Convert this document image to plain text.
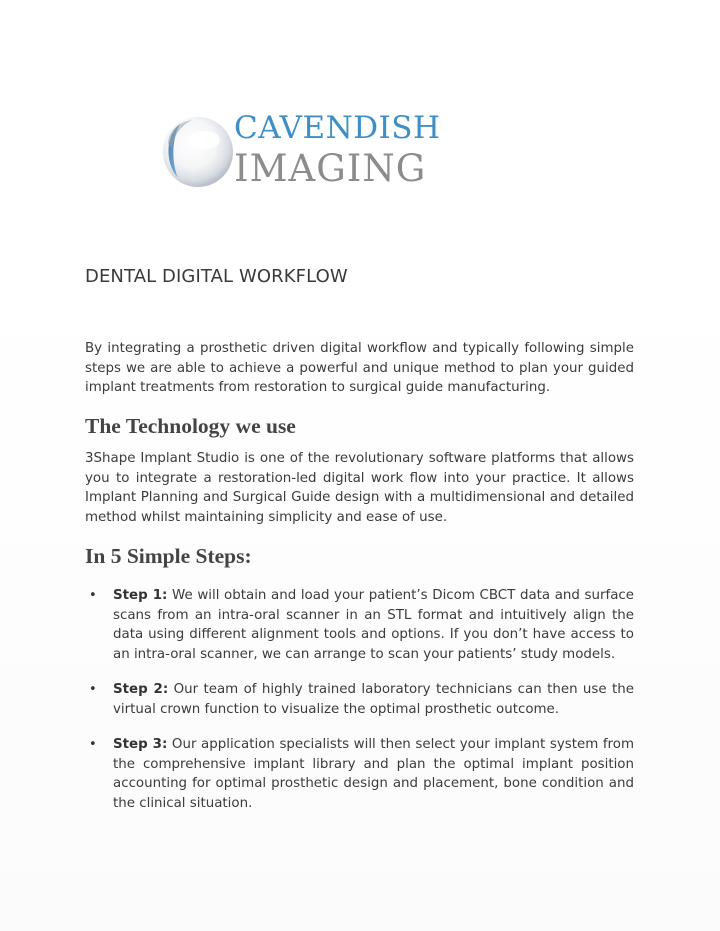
CAVENDISH
IMAGING
DENTAL DIGITAL WORKFLOW

By integrating a prosthetic driven digital workflow and typically following simple steps we are able to achieve a powerful and unique method to plan your guided implant treatments from restoration to surgical guide manufacturing.

The Technology we use

3Shape Implant Studio is one of the revolutionary software platforms that allows you to integrate a restoration-led digital work flow into your practice. It allows Implant Planning and Surgical Guide design with a multidimensional and detailed method whilst maintaining simplicity and ease of use.

In 5 Simple Steps:
• Step 1: We will obtain and load your patient’s Dicom CBCT data and surface scans from an intra-oral scanner in an STL format and intuitively align the data using different alignment tools and options. If you don’t have access to an intra-oral scanner, we can arrange to scan your patients’ study models.
• Step 2: Our team of highly trained laboratory technicians can then use the virtual crown function to visualize the optimal prosthetic outcome.
• Step 3: Our application specialists will then select your implant system from the comprehensive implant library and plan the optimal implant position accounting for optimal prosthetic design and placement, bone condition and the clinical situation.
